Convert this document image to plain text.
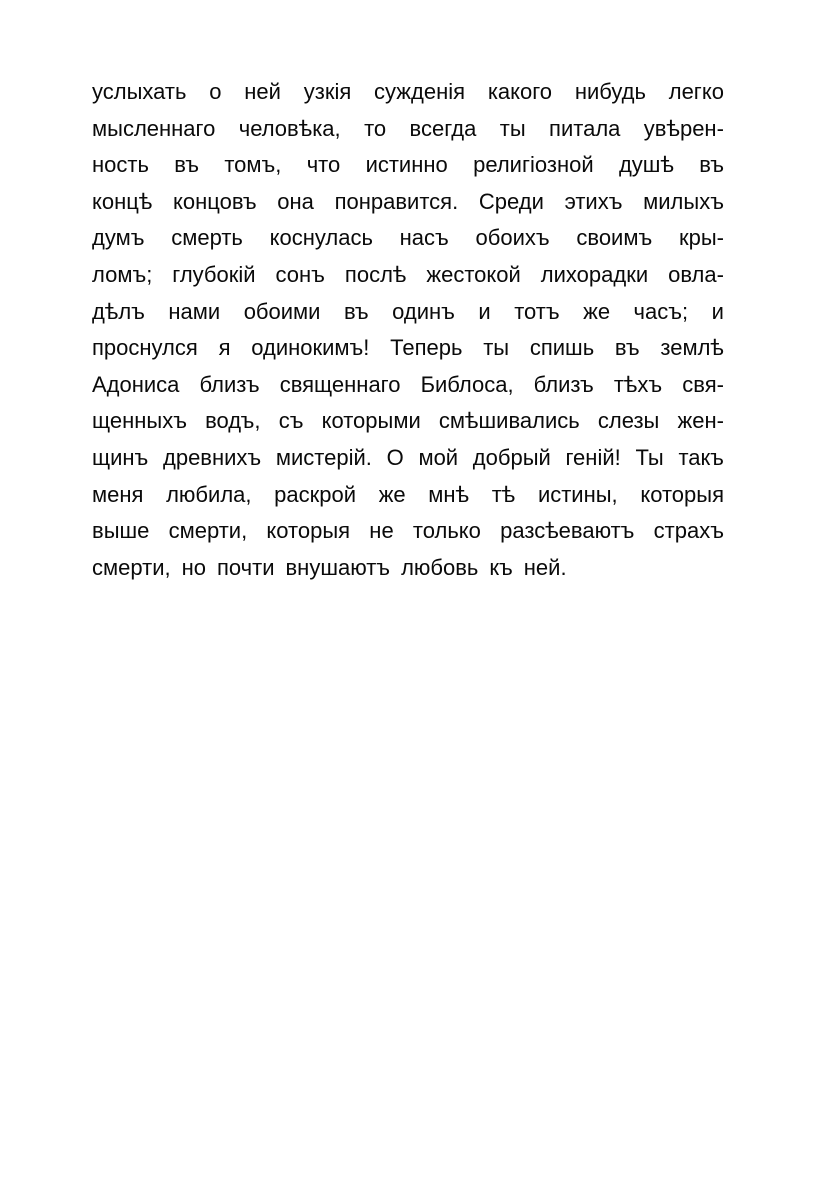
услыхать о ней узкія сужденія какого нибудь легко
мысленнаго человѣка, то всегда ты питала увѣрен-
ность въ томъ, что истинно религіозной душѣ въ
концѣ концовъ она понравится. Среди этихъ милыхъ
думъ смерть коснулась насъ обоихъ своимъ кры-
ломъ; глубокій сонъ послѣ жестокой лихорадки овла-
дѣлъ нами обоими въ одинъ и тотъ же часъ; и
проснулся я одинокимъ! Теперь ты спишь въ землѣ
Адониса близъ священнаго Библоса, близъ тѣхъ свя-
щенныхъ водъ, съ которыми смѣшивались слезы жен-
щинъ древнихъ мистерій. О мой добрый геній! Ты такъ
меня любила, раскрой же мнѣ тѣ истины, которыя
выше смерти, которыя не только разсѣеваютъ страхъ
смерти, но почти внушаютъ любовь къ ней.
